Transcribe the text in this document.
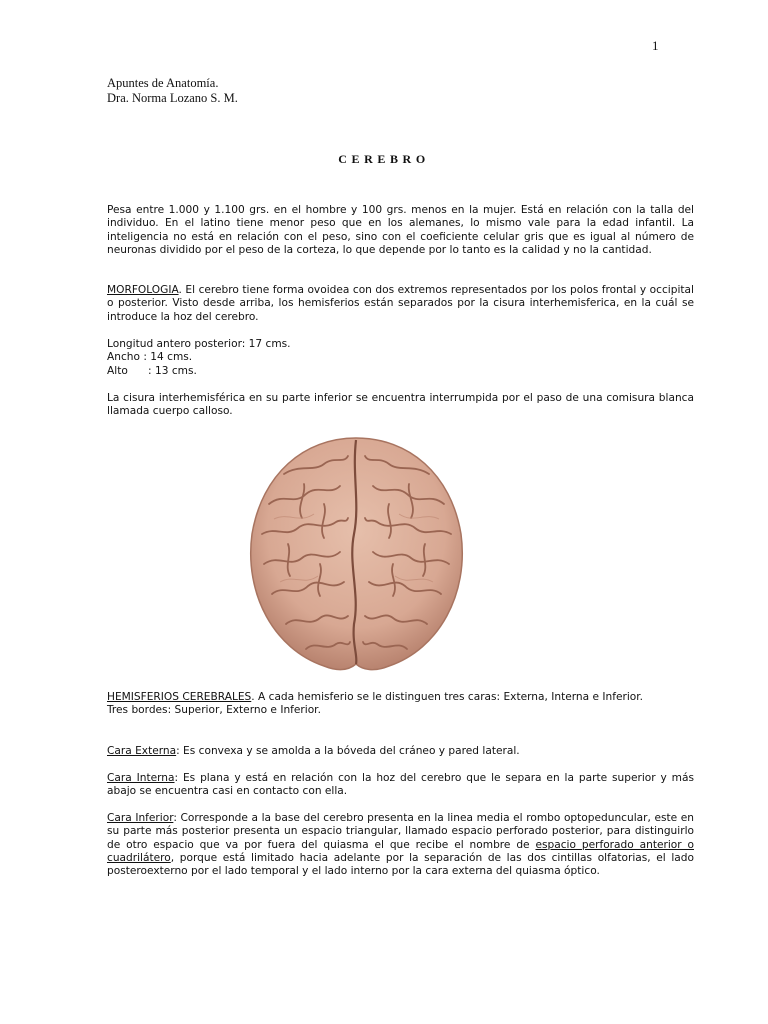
1
Apuntes de Anatomía.
Dra. Norma Lozano S. M.
CEREBRO
Pesa entre 1.000 y 1.100 grs. en el hombre y 100 grs. menos en la mujer. Está en relación con la talla del individuo. En el latino tiene menor peso que en los alemanes, lo mismo vale para la edad infantil. La inteligencia no está en relación con el peso, sino con el coeficiente celular gris que es igual al número de neuronas dividido por el peso de la corteza, lo que depende por lo tanto es la calidad y no la cantidad.
MORFOLOGIA. El cerebro tiene forma ovoidea con dos extremos representados por los polos frontal y occipital o posterior. Visto desde arriba, los hemisferios están separados por la cisura interhemisferica, en la cuál se introduce la hoz del cerebro.
Longitud antero posterior: 17 cms.
Ancho : 14 cms.
Alto      : 13 cms.
La cisura interhemisférica en su parte inferior se encuentra interrumpida por el paso de una comisura blanca llamada cuerpo calloso.
HEMISFERIOS CEREBRALES. A cada hemisferio se le distinguen tres caras: Externa, Interna e Inferior.
Tres bordes: Superior, Externo e Inferior.
Cara Externa: Es convexa y se amolda a la bóveda del cráneo y pared lateral.
Cara Interna: Es plana y está en relación con la hoz del cerebro que le separa en la parte superior y más abajo se encuentra casi en contacto con ella.
Cara Inferior: Corresponde a la base del cerebro presenta en la linea media el rombo optopeduncular, este en su parte más posterior presenta un espacio triangular, llamado espacio perforado posterior, para distinguirlo de otro espacio que va por fuera del quiasma el que recibe el nombre de espacio perforado anterior o cuadrilátero, porque está limitado hacia adelante por la separación de las dos cintillas olfatorias, el lado posteroexterno por el lado temporal y el lado interno por la cara externa del quiasma óptico.
